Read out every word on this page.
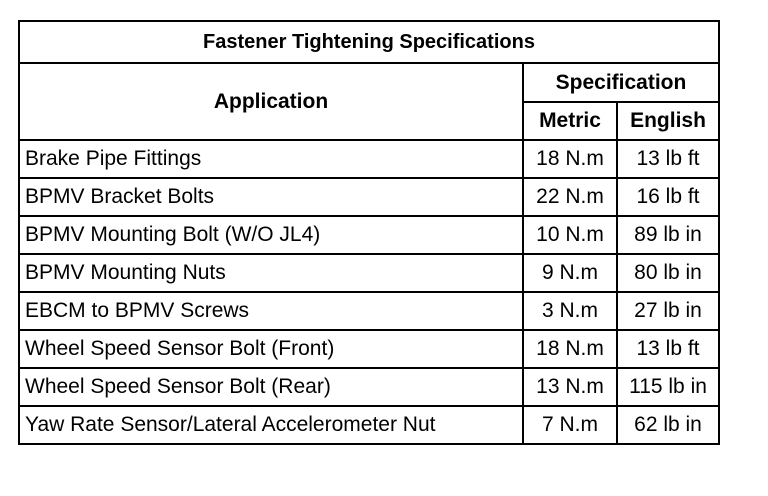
Fastener Tightening Specifications		
Application	Specification	
	Metric	English
Brake Pipe Fittings	18 N.m	13 lb ft
BPMV Bracket Bolts	22 N.m	16 lb ft
BPMV Mounting Bolt (W/O JL4)	10 N.m	89 lb in
BPMV Mounting Nuts	9 N.m	80 lb in
EBCM to BPMV Screws	3 N.m	27 lb in
Wheel Speed Sensor Bolt (Front)	18 N.m	13 lb ft
Wheel Speed Sensor Bolt (Rear)	13 N.m	115 lb in
Yaw Rate Sensor/Lateral Accelerometer Nut	7 N.m	62 lb in
